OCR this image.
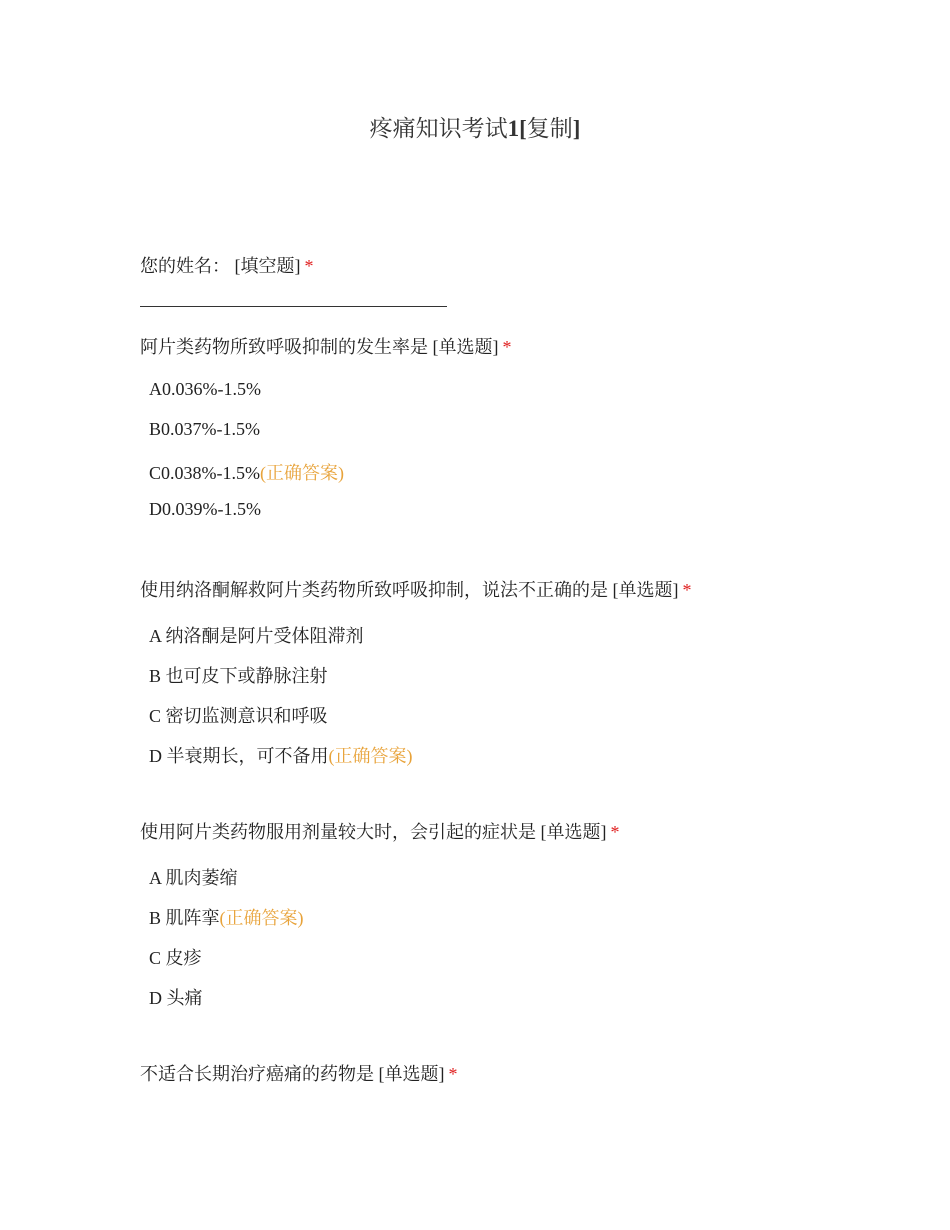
疼痛知识考试1[复制]

您的姓名： [填空题] *

阿片类药物所致呼吸抑制的发生率是 [单选题] *

A0.036%-1.5%

B0.037%-1.5%

C0.038%-1.5%(正确答案)

D0.039%-1.5%

使用纳洛酮解救阿片类药物所致呼吸抑制，说法不正确的是 [单选题] *

A 纳洛酮是阿片受体阻滞剂

B 也可皮下或静脉注射

C 密切监测意识和呼吸

D 半衰期长，可不备用(正确答案)

使用阿片类药物服用剂量较大时，会引起的症状是 [单选题] *

A 肌肉萎缩

B 肌阵挛(正确答案)

C 皮疹

D 头痛

不适合长期治疗癌痛的药物是 [单选题] *
